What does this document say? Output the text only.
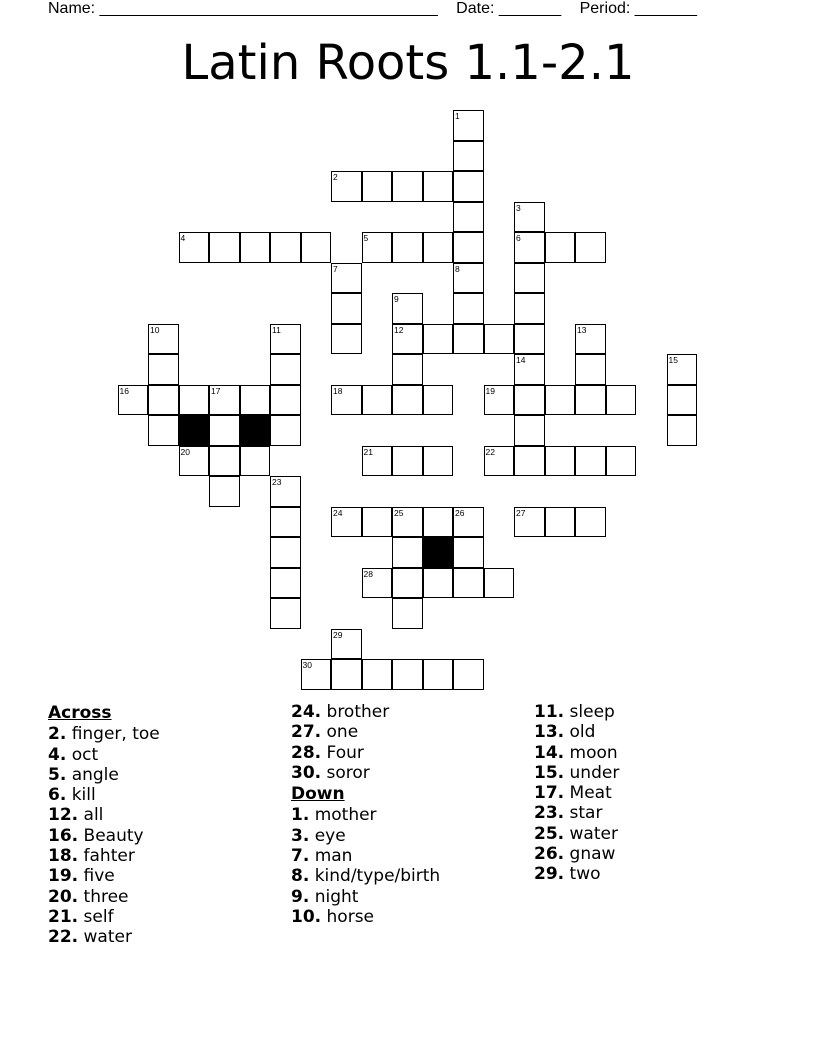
Name: ______________________________________ Date: _______ Period: _______
Latin Roots 1.1-2.1
1
2
3
4	5	6
7	8
9
10	11	12	13
14	15
16	17	18	19
20	21	22
23
24	25	26	27
28
29
30
Across
2. finger, toe
4. oct
5. angle
6. kill
12. all
16. Beauty
18. fahter
19. five
20. three
21. self
22. water
24. brother
27. one
28. Four
30. soror
Down
1. mother
3. eye
7. man
8. kind/type/birth
9. night
10. horse
11. sleep
13. old
14. moon
15. under
17. Meat
23. star
25. water
26. gnaw
29. two
